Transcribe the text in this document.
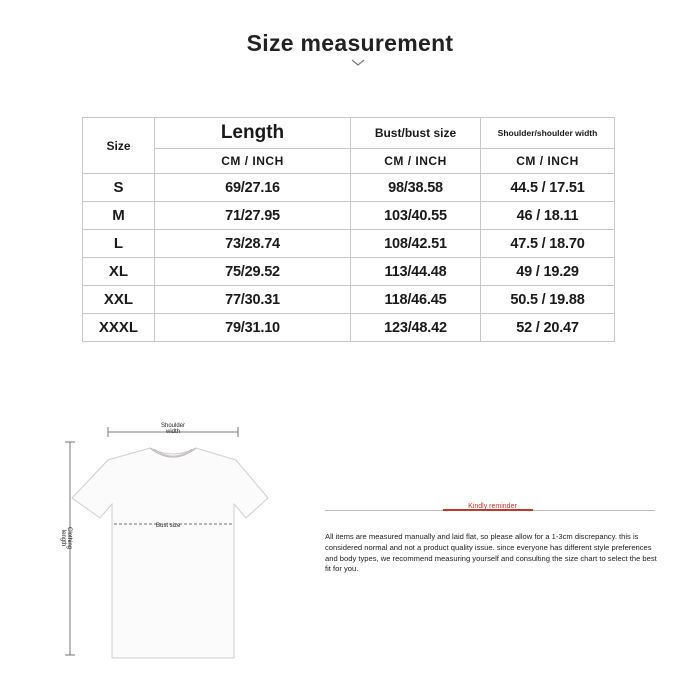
Size measurement
Size	Length	Bust/bust size	Shoulder/shoulder width
	CM / INCH	CM / INCH	CM / INCH
S	69/27.16	98/38.58	44.5 / 17.51
M	71/27.95	103/40.55	46 / 18.11
L	73/28.74	108/42.51	47.5 / 18.70
XL	75/29.52	113/44.48	49 / 19.29
XXL	77/30.31	118/46.45	50.5 / 19.88
XXXL	79/31.10	123/48.42	52 / 20.47
Shoulder width
Bust size
Clothing length
Kindly reminder
All items are measured manually and laid flat, so please allow for a 1-3cm discrepancy. this is considered normal and not a product quality issue. since everyone has different style preferences and body types, we recommend measuring yourself and consulting the size chart to select the best fit for you.
